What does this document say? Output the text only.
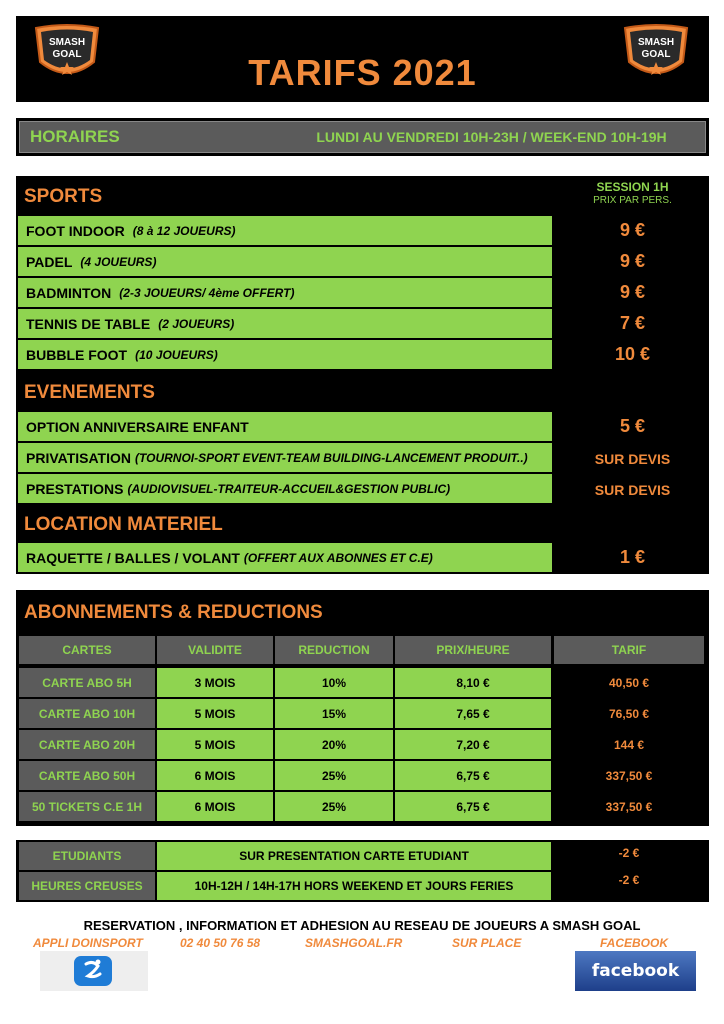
SMASH
GOAL
SMASH
GOAL
TARIFS 2021
HORAIRES	LUNDI AU VENDREDI 10H-23H / WEEK-END 10H-19H
SPORTS	SESSION 1H
PRIX PAR PERS.
FOOT INDOOR (8 à 12 JOUEURS)	9 €
PADEL (4 JOUEURS)	9 €
BADMINTON (2-3 JOUEURS/ 4ème OFFERT)	9 €
TENNIS DE TABLE (2 JOUEURS)	7 €
BUBBLE FOOT (10 JOUEURS)	10 €
EVENEMENTS
OPTION ANNIVERSAIRE ENFANT	5 €
PRIVATISATION (TOURNOI-SPORT EVENT-TEAM BUILDING-LANCEMENT PRODUIT..)	SUR DEVIS
PRESTATIONS (AUDIOVISUEL-TRAITEUR-ACCUEIL&GESTION PUBLIC)	SUR DEVIS
LOCATION MATERIEL
RAQUETTE / BALLES / VOLANT (OFFERT AUX ABONNES ET C.E)	1 €
ABONNEMENTS & REDUCTIONS
CARTES	VALIDITE	REDUCTION	PRIX/HEURE	TARIF
CARTE ABO 5H	3 MOIS	10%	8,10 €	40,50 €
CARTE ABO 10H	5 MOIS	15%	7,65 €	76,50 €
CARTE ABO 20H	5 MOIS	20%	7,20 €	144 €
CARTE ABO 50H	6 MOIS	25%	6,75 €	337,50 €
50 TICKETS C.E 1H	6 MOIS	25%	6,75 €	337,50 €
ETUDIANTS	SUR PRESENTATION CARTE ETUDIANT	-2 €
HEURES CREUSES	10H-12H / 14H-17H HORS WEEKEND ET JOURS FERIES	-2 €
RESERVATION , INFORMATION ET ADHESION AU RESEAU DE JOUEURS A SMASH GOAL
APPLI DOINSPORT	02 40 50 76 58	SMASHGOAL.FR	SUR PLACE	FACEBOOK
facebook
